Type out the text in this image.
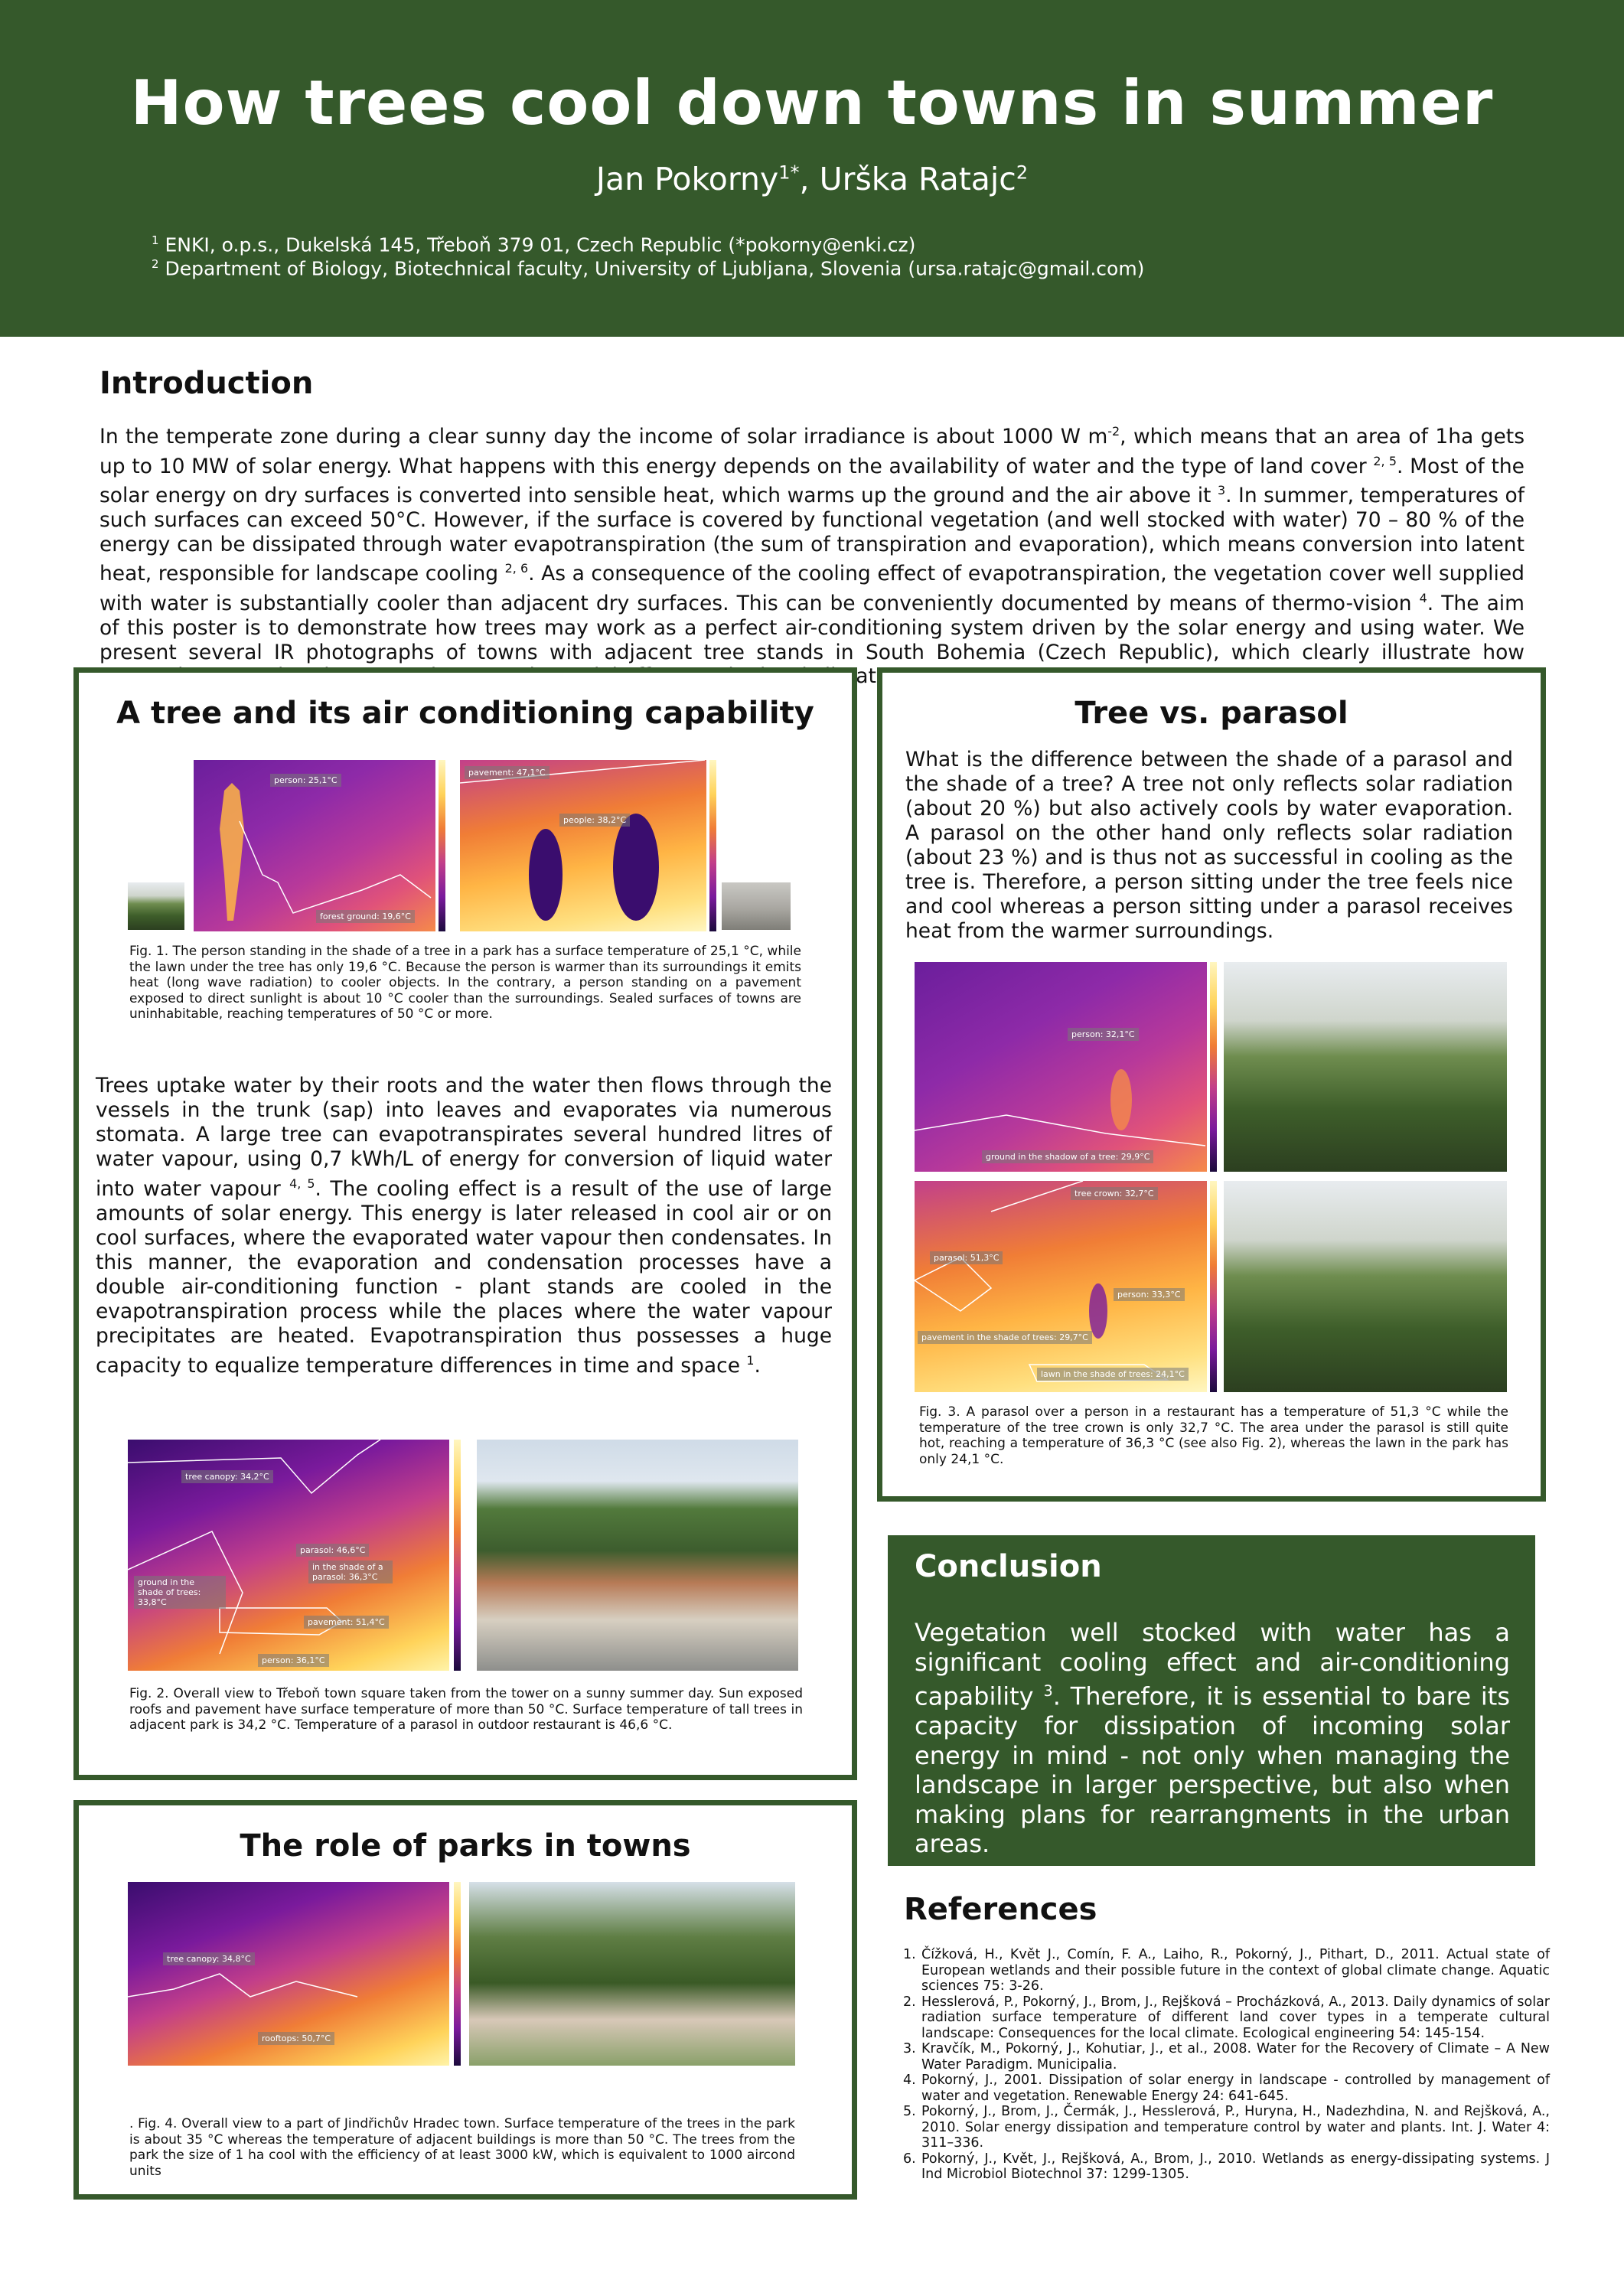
How trees cool down towns in summer
Jan Pokorny$^{1*}$, Urška Ratajc$^2$
$^1$ ENKI, o.p.s., Dukelská 145, Třeboň 379 01, Czech Republic (*pokorny@enki.cz)
$^2$ Department of Biology, Biotechnical faculty, University of Ljubljana, Slovenia (ursa.ratajc@gmail.com)
Introduction
In the temperate zone during a clear sunny day the income of solar irradiance is about 1000 W $m^{-2}$, which means that an area of 1ha gets up to 10 MW of solar energy. What happens with this energy depends on the availability of water and the type of land cover $^{2, 5}$. Most of the solar energy on dry surfaces is converted into sensible heat, which warms up the ground and the air above it $^3$. In summer, temperatures of such surfaces can exceed 50°C. However, if the surface is covered by functional vegetation (and well stocked with water) 70 – 80 % of the energy can be dissipated through water evapotranspiration (the sum of transpiration and evaporation), which means conversion into latent heat, responsible for landscape cooling $^{2, 6}$. As a consequence of the cooling effect of evapotranspiration, the vegetation cover well supplied with water is substantially cooler than adjacent dry surfaces. This can be conveniently documented by means of thermo-vision $^4$. The aim of this poster is to demonstrate how trees may work as a perfect air-conditioning system driven by the solar energy and using water. We present several IR photographs of towns with adjacent tree stands in South Bohemia (Czech Republic), which clearly illustrate how
A tree and its air conditioning capability
person: 25,1°C
forest ground: 19,6°C
pavement: 47,1°C
people: 38,2°C
Fig. 1. The person standing in the shade of a tree in a park has a surface temperature of 25,1 °C, while the lawn under the tree has only 19,6 °C. Because the person is warmer than its surroundings it emits heat (long wave radiation) to cooler objects. In the contrary, a person standing on a pavement exposed to direct sunlight is about 10 °C cooler than the surroundings. Sealed surfaces of towns are uninhabitable, reaching temperatures of 50 °C or more.
Trees uptake water by their roots and the water then flows through the vessels in the trunk (sap) into leaves and evaporates via numerous stomata. A large tree can evapotranspirates several hundred litres of water vapour, using 0,7 kWh/L of energy for conversion of liquid water into water vapour $^{4, 5}$. The cooling effect is a result of the use of large amounts of solar energy. This energy is later released in cool air or on cool surfaces, where the evaporated water vapour then condensates. In this manner, the evaporation and condensation processes have a double air-conditioning function - plant stands are cooled in the evapotranspiration process while the places where the water vapour precipitates are heated. Evapotranspiration thus possesses a huge capacity to equalize temperature differences in time and space $^1$.
tree canopy: 34,2°C
parasol: 46,6°C
in the shade of a parasol: 36,3°C
ground in the shade of trees: 33,8°C
pavement: 51,4°C
person: 36,1°C
Fig. 2. Overall view to Třeboň town square taken from the tower on a sunny summer day. Sun exposed roofs and pavement have surface temperature of more than 50 °C. Surface temperature of tall trees in adjacent park is 34,2 °C. Temperature of a parasol in outdoor restaurant is 46,6 °C.
The role of parks in towns
tree canopy: 34,8°C
rooftops: 50,7°C
. Fig. 4. Overall view to a part of Jindřichův Hradec town. Surface temperature of the trees in the park is about 35 °C whereas the temperature of adjacent buildings is more than 50 °C. The trees from the park the size of 1 ha cool with the efficiency of at least 3000 kW, which is equivalent to 1000 aircond units
Tree vs. parasol
What is the difference between the shade of a parasol and the shade of a tree? A tree not only reflects solar radiation (about 20 %) but also actively cools by water evaporation. A parasol on the other hand only reflects solar radiation (about 23 %) and is thus not as successful in cooling as the tree is. Therefore, a person sitting under the tree feels nice and cool whereas a person sitting under a parasol receives heat from the warmer surroundings.
person: 32,1°C
ground in the shadow of a tree: 29,9°C
tree crown: 32,7°C
parasol: 51,3°C
person: 33,3°C
pavement in the shade of trees: 29,7°C
lawn in the shade of trees: 24,1°C
Fig. 3. A parasol over a person in a restaurant has a temperature of 51,3 °C while the temperature of the tree crown is only 32,7 °C. The area under the parasol is still quite hot, reaching a temperature of 36,3 °C (see also Fig. 2), whereas the lawn in the park has only 24,1 °C.
Conclusion
Vegetation well stocked with water has a significant cooling effect and air-conditioning capability $^3$. Therefore, it is essential to bare its capacity for dissipation of incoming solar energy in mind - not only when managing the landscape in larger perspective, but also when making plans for rearrangments in the urban areas.
References
1. Čížková, H., Květ J., Comín, F. A., Laiho, R., Pokorný, J., Pithart, D., 2011. Actual state of European wetlands and their possible future in the context of global climate change. Aquatic sciences 75: 3-26.
2. Hesslerová, P., Pokorný, J., Brom, J., Rejšková – Procházková, A., 2013. Daily dynamics of solar radiation surface temperature of different land cover types in a temperate cultural landscape: Consequences for the local climate. Ecological engineering 54: 145-154.
3. Kravčík, M., Pokorný, J., Kohutiar, J., et al., 2008. Water for the Recovery of Climate – A New Water Paradigm. Municipalia.
4. Pokorný, J., 2001. Dissipation of solar energy in landscape - controlled by management of water and vegetation. Renewable Energy 24: 641-645.
5. Pokorný, J., Brom, J., Čermák, J., Hesslerová, P., Huryna, H., Nadezhdina, N. and Rejšková, A., 2010. Solar energy dissipation and temperature control by water and plants. Int. J. Water 4: 311–336.
6. Pokorný, J., Květ, J., Rejšková, A., Brom, J., 2010. Wetlands as energy-dissipating systems. J Ind Microbiol Biotechnol 37: 1299-1305.
